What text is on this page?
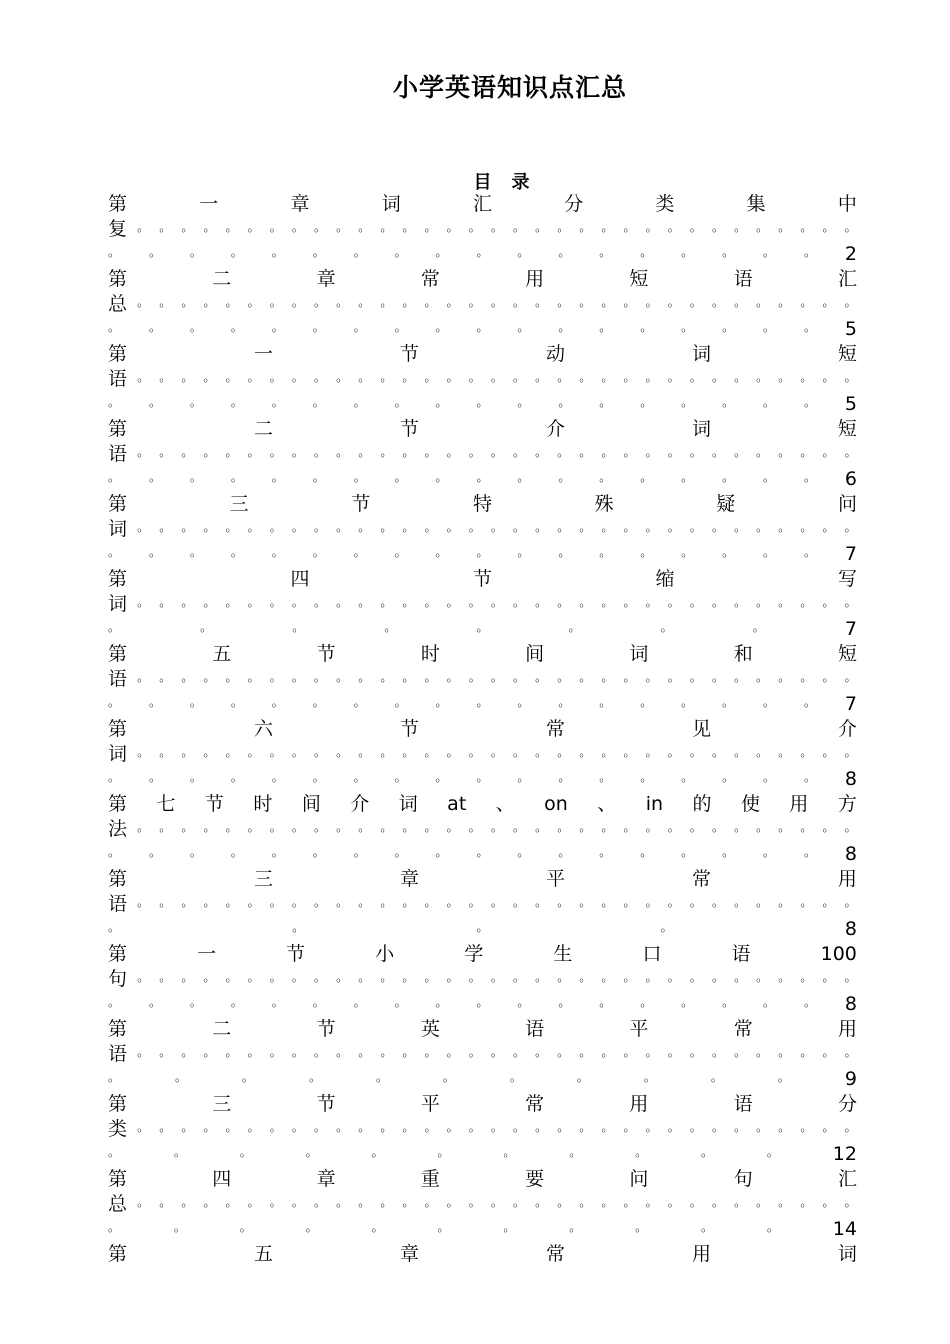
小学英语知识点汇总
目　录
第	一	章	词	汇	分	类	集	中
复 。 。 。 。 。 。 。 。 。 。 。 。 。 。 。 。 。 。 。 。 。 。 。 。 。 。 。 。 。 。 。 。 。
。 。 。 。 。 。 。 。 。 。 。 。 。 。 。 。 。 。 2
第	二	章	常	用	短	语	汇
总 。 。 。 。 。 。 。 。 。 。 。 。 。 。 。 。 。 。 。 。 。 。 。 。 。 。 。 。 。 。 。 。 。
。 。 。 。 。 。 。 。 。 。 。 。 。 。 。 。 。 。 5
第	一	节	动	词	短
语 。 。 。 。 。 。 。 。 。 。 。 。 。 。 。 。 。 。 。 。 。 。 。 。 。 。 。 。 。 。 。 。 。
。 。 。 。 。 。 。 。 。 。 。 。 。 。 。 。 。 。 5
第	二	节	介	词	短
语 。 。 。 。 。 。 。 。 。 。 。 。 。 。 。 。 。 。 。 。 。 。 。 。 。 。 。 。 。 。 。 。 。
。 。 。 。 。 。 。 。 。 。 。 。 。 。 。 。 。 。 6
第	三	节	特	殊	疑	问
词 。 。 。 。 。 。 。 。 。 。 。 。 。 。 。 。 。 。 。 。 。 。 。 。 。 。 。 。 。 。 。 。 。
。 。 。 。 。 。 。 。 。 。 。 。 。 。 。 。 。 。 7
第	四	节	缩	写
词 。 。 。 。 。 。 。 。 。 。 。 。 。 。 。 。 。 。 。 。 。 。 。 。 。 。 。 。 。 。 。 。 。
。	。	。	。	。	。	。	。	7
第	五	节	时	间	词	和	短
语 。 。 。 。 。 。 。 。 。 。 。 。 。 。 。 。 。 。 。 。 。 。 。 。 。 。 。 。 。 。 。 。 。
。 。 。 。 。 。 。 。 。 。 。 。 。 。 。 。 。 。 7
第	六	节	常	见	介
词 。 。 。 。 。 。 。 。 。 。 。 。 。 。 。 。 。 。 。 。 。 。 。 。 。 。 。 。 。 。 。 。 。
。 。 。 。 。 。 。 。 。 。 。 。 。 。 。 。 。 。 8
第 七 节 时 间 介 词 at 、 on 、 in 的 使 用 方
法 。 。 。 。 。 。 。 。 。 。 。 。 。 。 。 。 。 。 。 。 。 。 。 。 。 。 。 。 。 。 。 。 。
。 。 。 。 。 。 。 。 。 。 。 。 。 。 。 。 。 。 8
第	三	章	平	常	用
语 。 。 。 。 。 。 。 。 。 。 。 。 。 。 。 。 。 。 。 。 。 。 。 。 。 。 。 。 。 。 。 。 。
。	。	。	。	8
第	一	节	小	学	生	口	语	100
句 。 。 。 。 。 。 。 。 。 。 。 。 。 。 。 。 。 。 。 。 。 。 。 。 。 。 。 。 。 。 。 。 。
。 。 。 。 。 。 。 。 。 。 。 。 。 。 。 。 。 。 8
第	二	节	英	语	平	常	用
语 。 。 。 。 。 。 。 。 。 。 。 。 。 。 。 。 。 。 。 。 。 。 。 。 。 。 。 。 。 。 。 。 。
。	。	。	。	。	。	。	。	。	。	。	9
第	三	节	平	常	用	语	分
类 。 。 。 。 。 。 。 。 。 。 。 。 。 。 。 。 。 。 。 。 。 。 。 。 。 。 。 。 。 。 。 。 。
。	。	。	。	。	。	。	。	。	。	。	12
第	四	章	重	要	问	句	汇
总 。 。 。 。 。 。 。 。 。 。 。 。 。 。 。 。 。 。 。 。 。 。 。 。 。 。 。 。 。 。 。 。 。
。	。	。	。	。	。	。	。	。	。	。	14
第	五	章	常	用	词
